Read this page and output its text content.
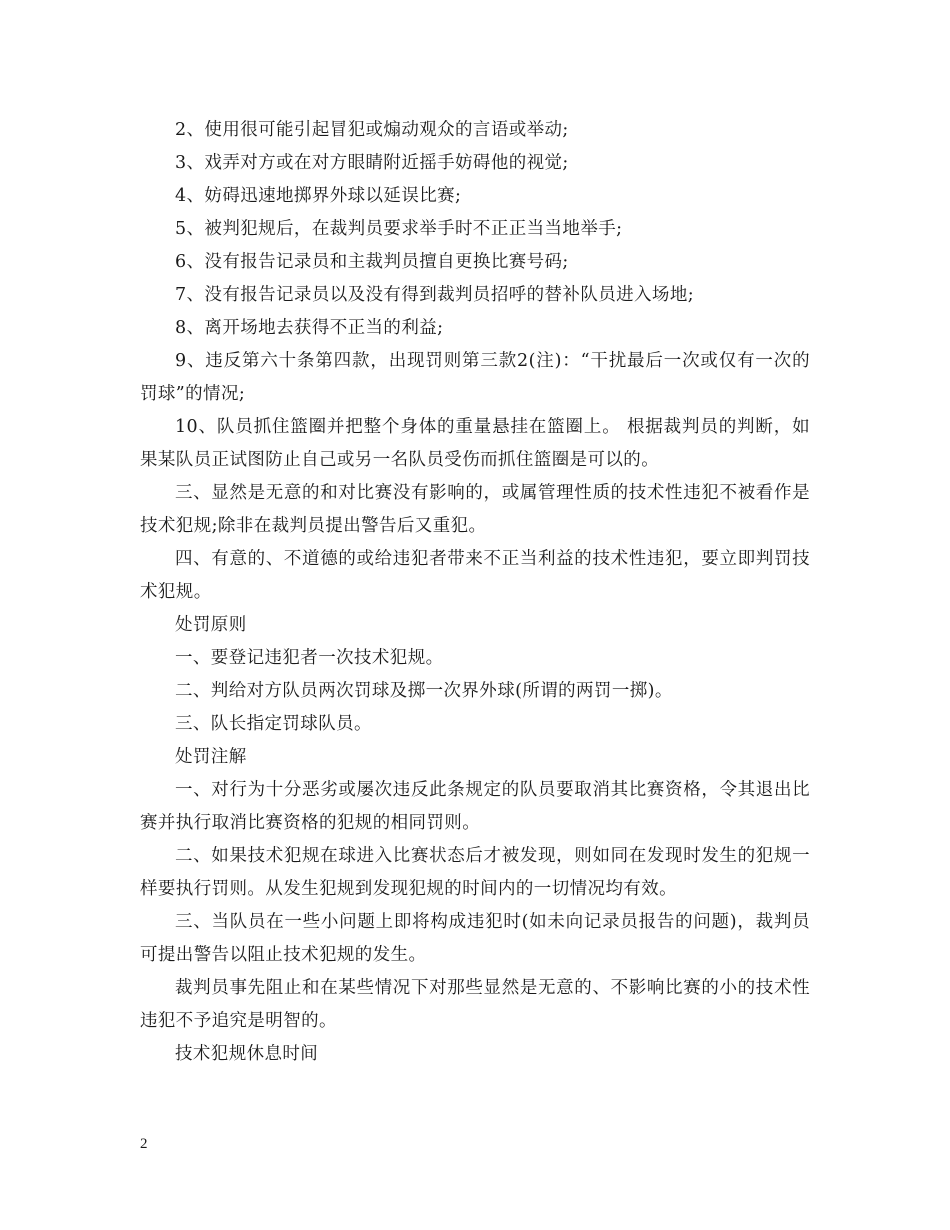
2、使用很可能引起冒犯或煽动观众的言语或举动;

3、戏弄对方或在对方眼睛附近摇手妨碍他的视觉;

4、妨碍迅速地掷界外球以延误比赛;

5、被判犯规后，在裁判员要求举手时不正正当当地举手;

6、没有报告记录员和主裁判员擅自更换比赛号码;

7、没有报告记录员以及没有得到裁判员招呼的替补队员进入场地;

8、离开场地去获得不正当的利益;

9、违反第六十条第四款，出现罚则第三款2(注)：“干扰最后一次或仅有一次的罚球”的情况;

10、队员抓住篮圈并把整个身体的重量悬挂在篮圈上。 根据裁判员的判断，如果某队员正试图防止自己或另一名队员受伤而抓住篮圈是可以的。

三、显然是无意的和对比赛没有影响的，或属管理性质的技术性违犯不被看作是技术犯规;除非在裁判员提出警告后又重犯。

四、有意的、不道德的或给违犯者带来不正当利益的技术性违犯，要立即判罚技术犯规。

处罚原则

一、要登记违犯者一次技术犯规。

二、判给对方队员两次罚球及掷一次界外球(所谓的两罚一掷)。

三、队长指定罚球队员。

处罚注解

一、对行为十分恶劣或屡次违反此条规定的队员要取消其比赛资格，令其退出比赛并执行取消比赛资格的犯规的相同罚则。

二、如果技术犯规在球进入比赛状态后才被发现，则如同在发现时发生的犯规一样要执行罚则。从发生犯规到发现犯规的时间内的一切情况均有效。

三、当队员在一些小问题上即将构成违犯时(如未向记录员报告的问题)，裁判员可提出警告以阻止技术犯规的发生。

裁判员事先阻止和在某些情况下对那些显然是无意的、不影响比赛的小的技术性违犯不予追究是明智的。

技术犯规休息时间

2
